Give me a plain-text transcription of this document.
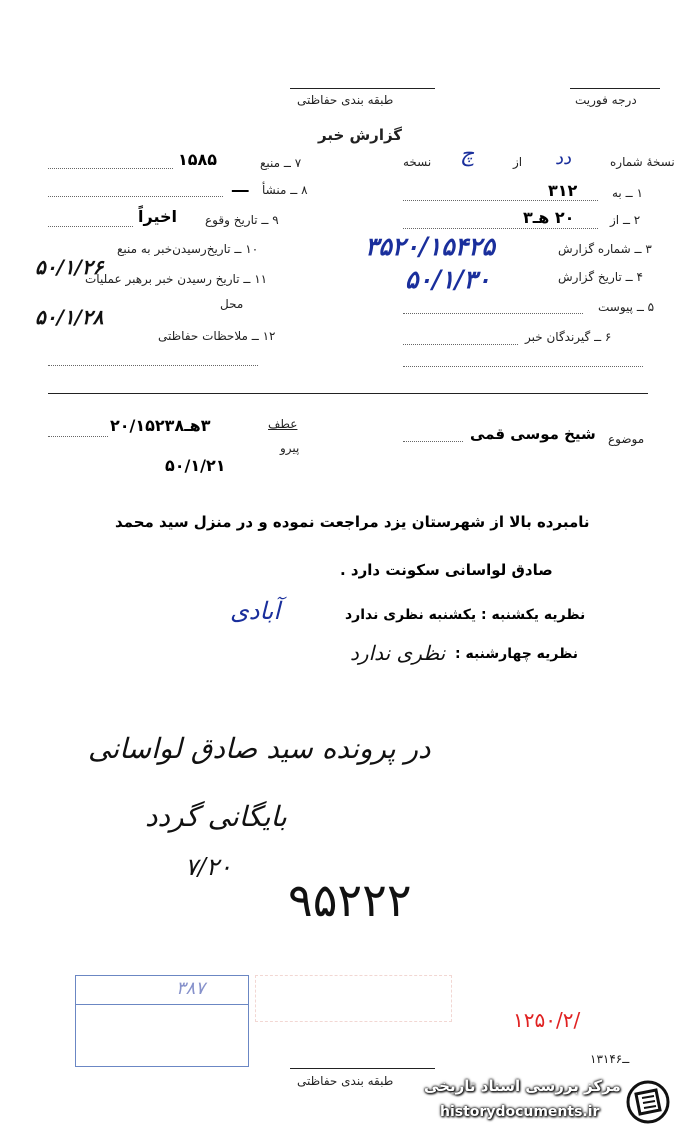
درجه فوریت
طبقه بندی حفاظتی
گزارش خبر
نسخهٔ شماره
دد
از
چ
نسخه
۱ ــ به
۳۱۲
۲ ــ از
۲۰ هـ۳
۳ ــ شماره گزارش
۳۵۲۰/۱۵۴۲۵
۴ ــ تاریخ گزارش
۵۰/۱/۳۰
۵ ــ پیوست
۶ ــ گیرندگان خبر
۷ ــ منبع
۱۵۸۵
۸ ــ منشأ
ـــ
۹ ــ تاریخ وقوع
اخیراً
۱۰ ــ تاریخ‌رسیدن‌خبر به منبع
۵۰/۱/۲۶
۱۱ ــ تاریخ رسیدن خبر برهبر عملیات
محل
۵۰/۱/۲۸
۱۲ ــ ملاحظات حفاظتی
موضوع
شیخ موسی قمی
عطف
۳هـ۲۰/۱۵۲۳۸
پیرو
۵۰/۱/۲۱
نامبرده بالا از شهرستان یزد مراجعت نموده و در منزل سید محمد
صادق لواسانی سکونت دارد .
نظریه یکشنبه : یکشنبه نظری ندارد
آبادی
نظریه چهارشنبه :
نظری ندارد
در پرونده سید صادق لواسانی
بایگانی گردد
۷/۲۰
۹۵۲۲۲
۳۸۷
۱۲۵۰/۲/
۱۳۱ــ۴۶
طبقه بندی حفاظتی مرکز بررسی اسناد تاریخی
historydocuments.ir
